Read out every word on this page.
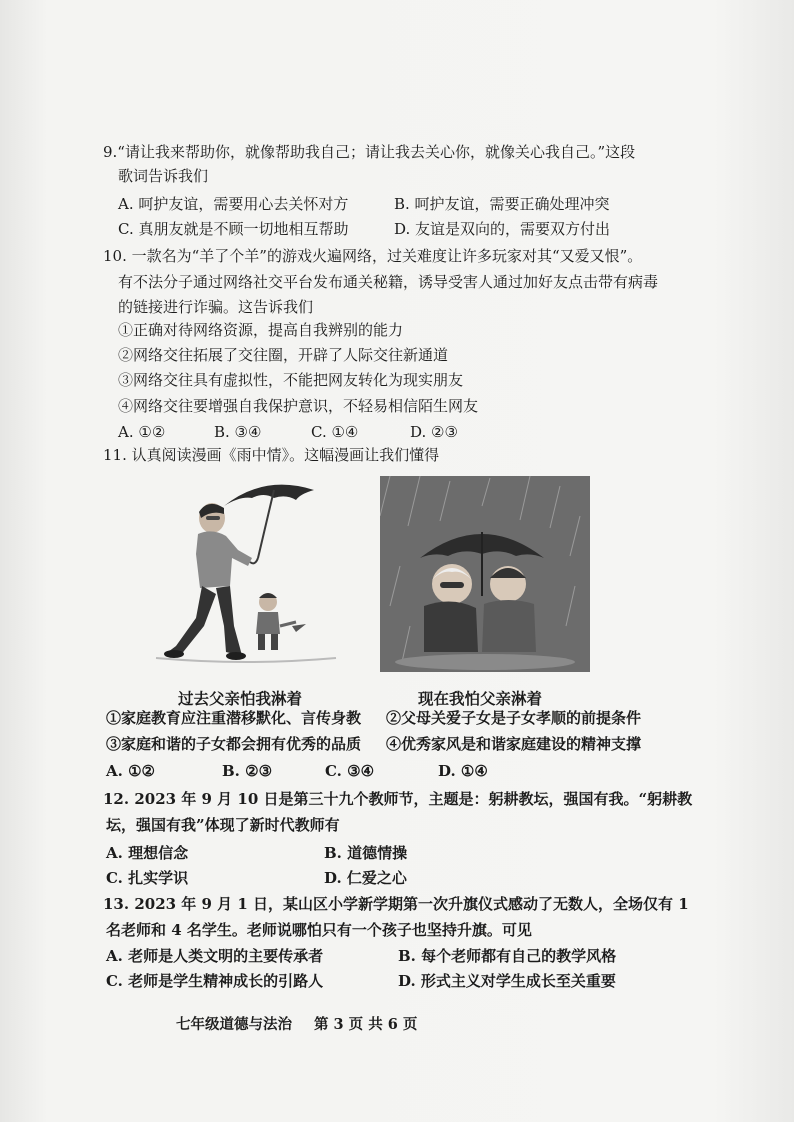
9.“请让我来帮助你，就像帮助我自己；请让我去关心你，就像关心我自己。”这段
歌词告诉我们
A. 呵护友谊，需要用心去关怀对方	B. 呵护友谊，需要正确处理冲突
C. 真朋友就是不顾一切地相互帮助	D. 友谊是双向的，需要双方付出
10. 一款名为“羊了个羊”的游戏火遍网络，过关难度让许多玩家对其“又爱又恨”。
有不法分子通过网络社交平台发布通关秘籍，诱导受害人通过加好友点击带有病毒
的链接进行诈骗。这告诉我们
①正确对待网络资源，提高自我辨别的能力
②网络交往拓展了交往圈，开辟了人际交往新通道
③网络交往具有虚拟性，不能把网友转化为现实朋友
④网络交往要增强自我保护意识，不轻易相信陌生网友
A. ①②	B. ③④	C. ①④	D. ②③
11. 认真阅读漫画《雨中情》。这幅漫画让我们懂得
过去父亲怕我淋着	现在我怕父亲淋着
①家庭教育应注重潜移默化、言传身教 ②父母关爱子女是子女孝顺的前提条件
③家庭和谐的子女都会拥有优秀的品质 ④优秀家风是和谐家庭建设的精神支撑
A. ①②	B. ②③	C. ③④	D. ①④
12. 2023 年 9 月 10 日是第三十九个教师节，主题是：躬耕教坛，强国有我。“躬耕教
坛，强国有我”体现了新时代教师有
A. 理想信念	B. 道德情操
C. 扎实学识	D. 仁爱之心
13. 2023 年 9 月 1 日，某山区小学新学期第一次升旗仪式感动了无数人，全场仅有 1
名老师和 4 名学生。老师说哪怕只有一个孩子也坚持升旗。可见
A. 老师是人类文明的主要传承者	B. 每个老师都有自己的教学风格
C. 老师是学生精神成长的引路人	D. 形式主义对学生成长至关重要
七年级道德与法治 第 3 页 共 6 页
